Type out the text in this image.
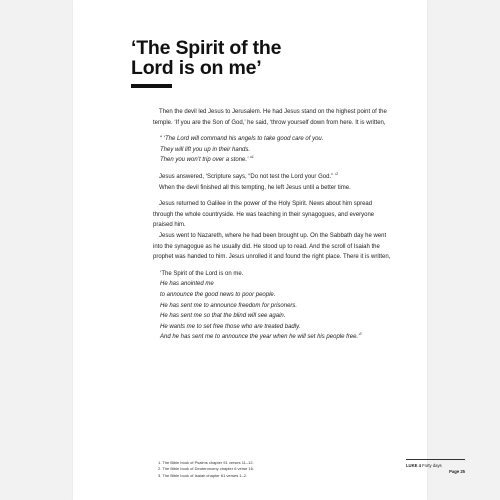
‘The Spirit of the
Lord is on me’

Then the devil led Jesus to Jerusalem. He had Jesus stand on the highest point of the temple. ‘If you are the Son of God,’ he said, ‘throw yourself down from here. It is written,

“ ‘The Lord will command his angels to take good care of you.

They will lift you up in their hands.

Then you won’t trip over a stone.’ ”$^1$

Jesus answered, ‘Scripture says, “Do not test the Lord your God.” ’$^2$

When the devil finished all this tempting, he left Jesus until a better time.

Jesus returned to Galilee in the power of the Holy Spirit. News about him spread through the whole countryside. He was teaching in their synagogues, and everyone praised him.

Jesus went to Nazareth, where he had been brought up. On the Sabbath day he went into the synagogue as he usually did. He stood up to read. And the scroll of Isaiah the prophet was handed to him. Jesus unrolled it and found the right place. There it is written,

‘The Spirit of the Lord is on me.

He has anointed me

to announce the good news to poor people.

He has sent me to announce freedom for prisoners.

He has sent me so that the blind will see again.

He wants me to set free those who are treated badly.

And he has sent me to announce the year when he will set his people free.’$^3$

1. The Bible book of Psalms chapter 91 verses 11–12.
2. The Bible book of Deuteronomy chapter 6 verse 16.
3. The Bible book of Isaiah chapter 61 verses 1–2.
LUKE 4 Forty days
Page 25
